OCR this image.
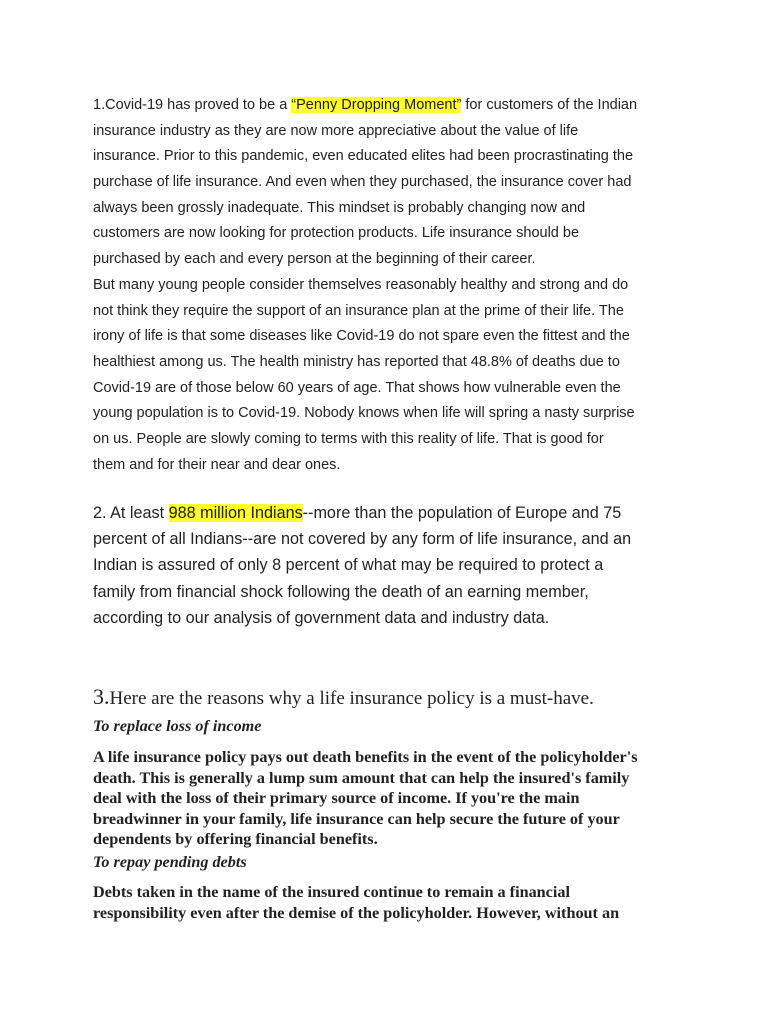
1.Covid-19 has proved to be a “Penny Dropping Moment” for customers of the Indian
insurance industry as they are now more appreciative about the value of life
insurance. Prior to this pandemic, even educated elites had been procrastinating the
purchase of life insurance. And even when they purchased, the insurance cover had
always been grossly inadequate. This mindset is probably changing now and
customers are now looking for protection products. Life insurance should be
purchased by each and every person at the beginning of their career.
But many young people consider themselves reasonably healthy and strong and do
not think they require the support of an insurance plan at the prime of their life. The
irony of life is that some diseases like Covid-19 do not spare even the fittest and the
healthiest among us. The health ministry has reported that 48.8% of deaths due to
Covid-19 are of those below 60 years of age. That shows how vulnerable even the
young population is to Covid-19. Nobody knows when life will spring a nasty surprise
on us. People are slowly coming to terms with this reality of life. That is good for
them and for their near and dear ones.
2. At least 988 million Indians--more than the population of Europe and 75
percent of all Indians--are not covered by any form of life insurance, and an
Indian is assured of only 8 percent of what may be required to protect a
family from financial shock following the death of an earning member,
according to our analysis of government data and industry data.
3.Here are the reasons why a life insurance policy is a must-have.
To replace loss of income
A life insurance policy pays out death benefits in the event of the policyholder's
death. This is generally a lump sum amount that can help the insured's family
deal with the loss of their primary source of income. If you're the main
breadwinner in your family, life insurance can help secure the future of your
dependents by offering financial benefits.
To repay pending debts
Debts taken in the name of the insured continue to remain a financial
responsibility even after the demise of the policyholder. However, without an
